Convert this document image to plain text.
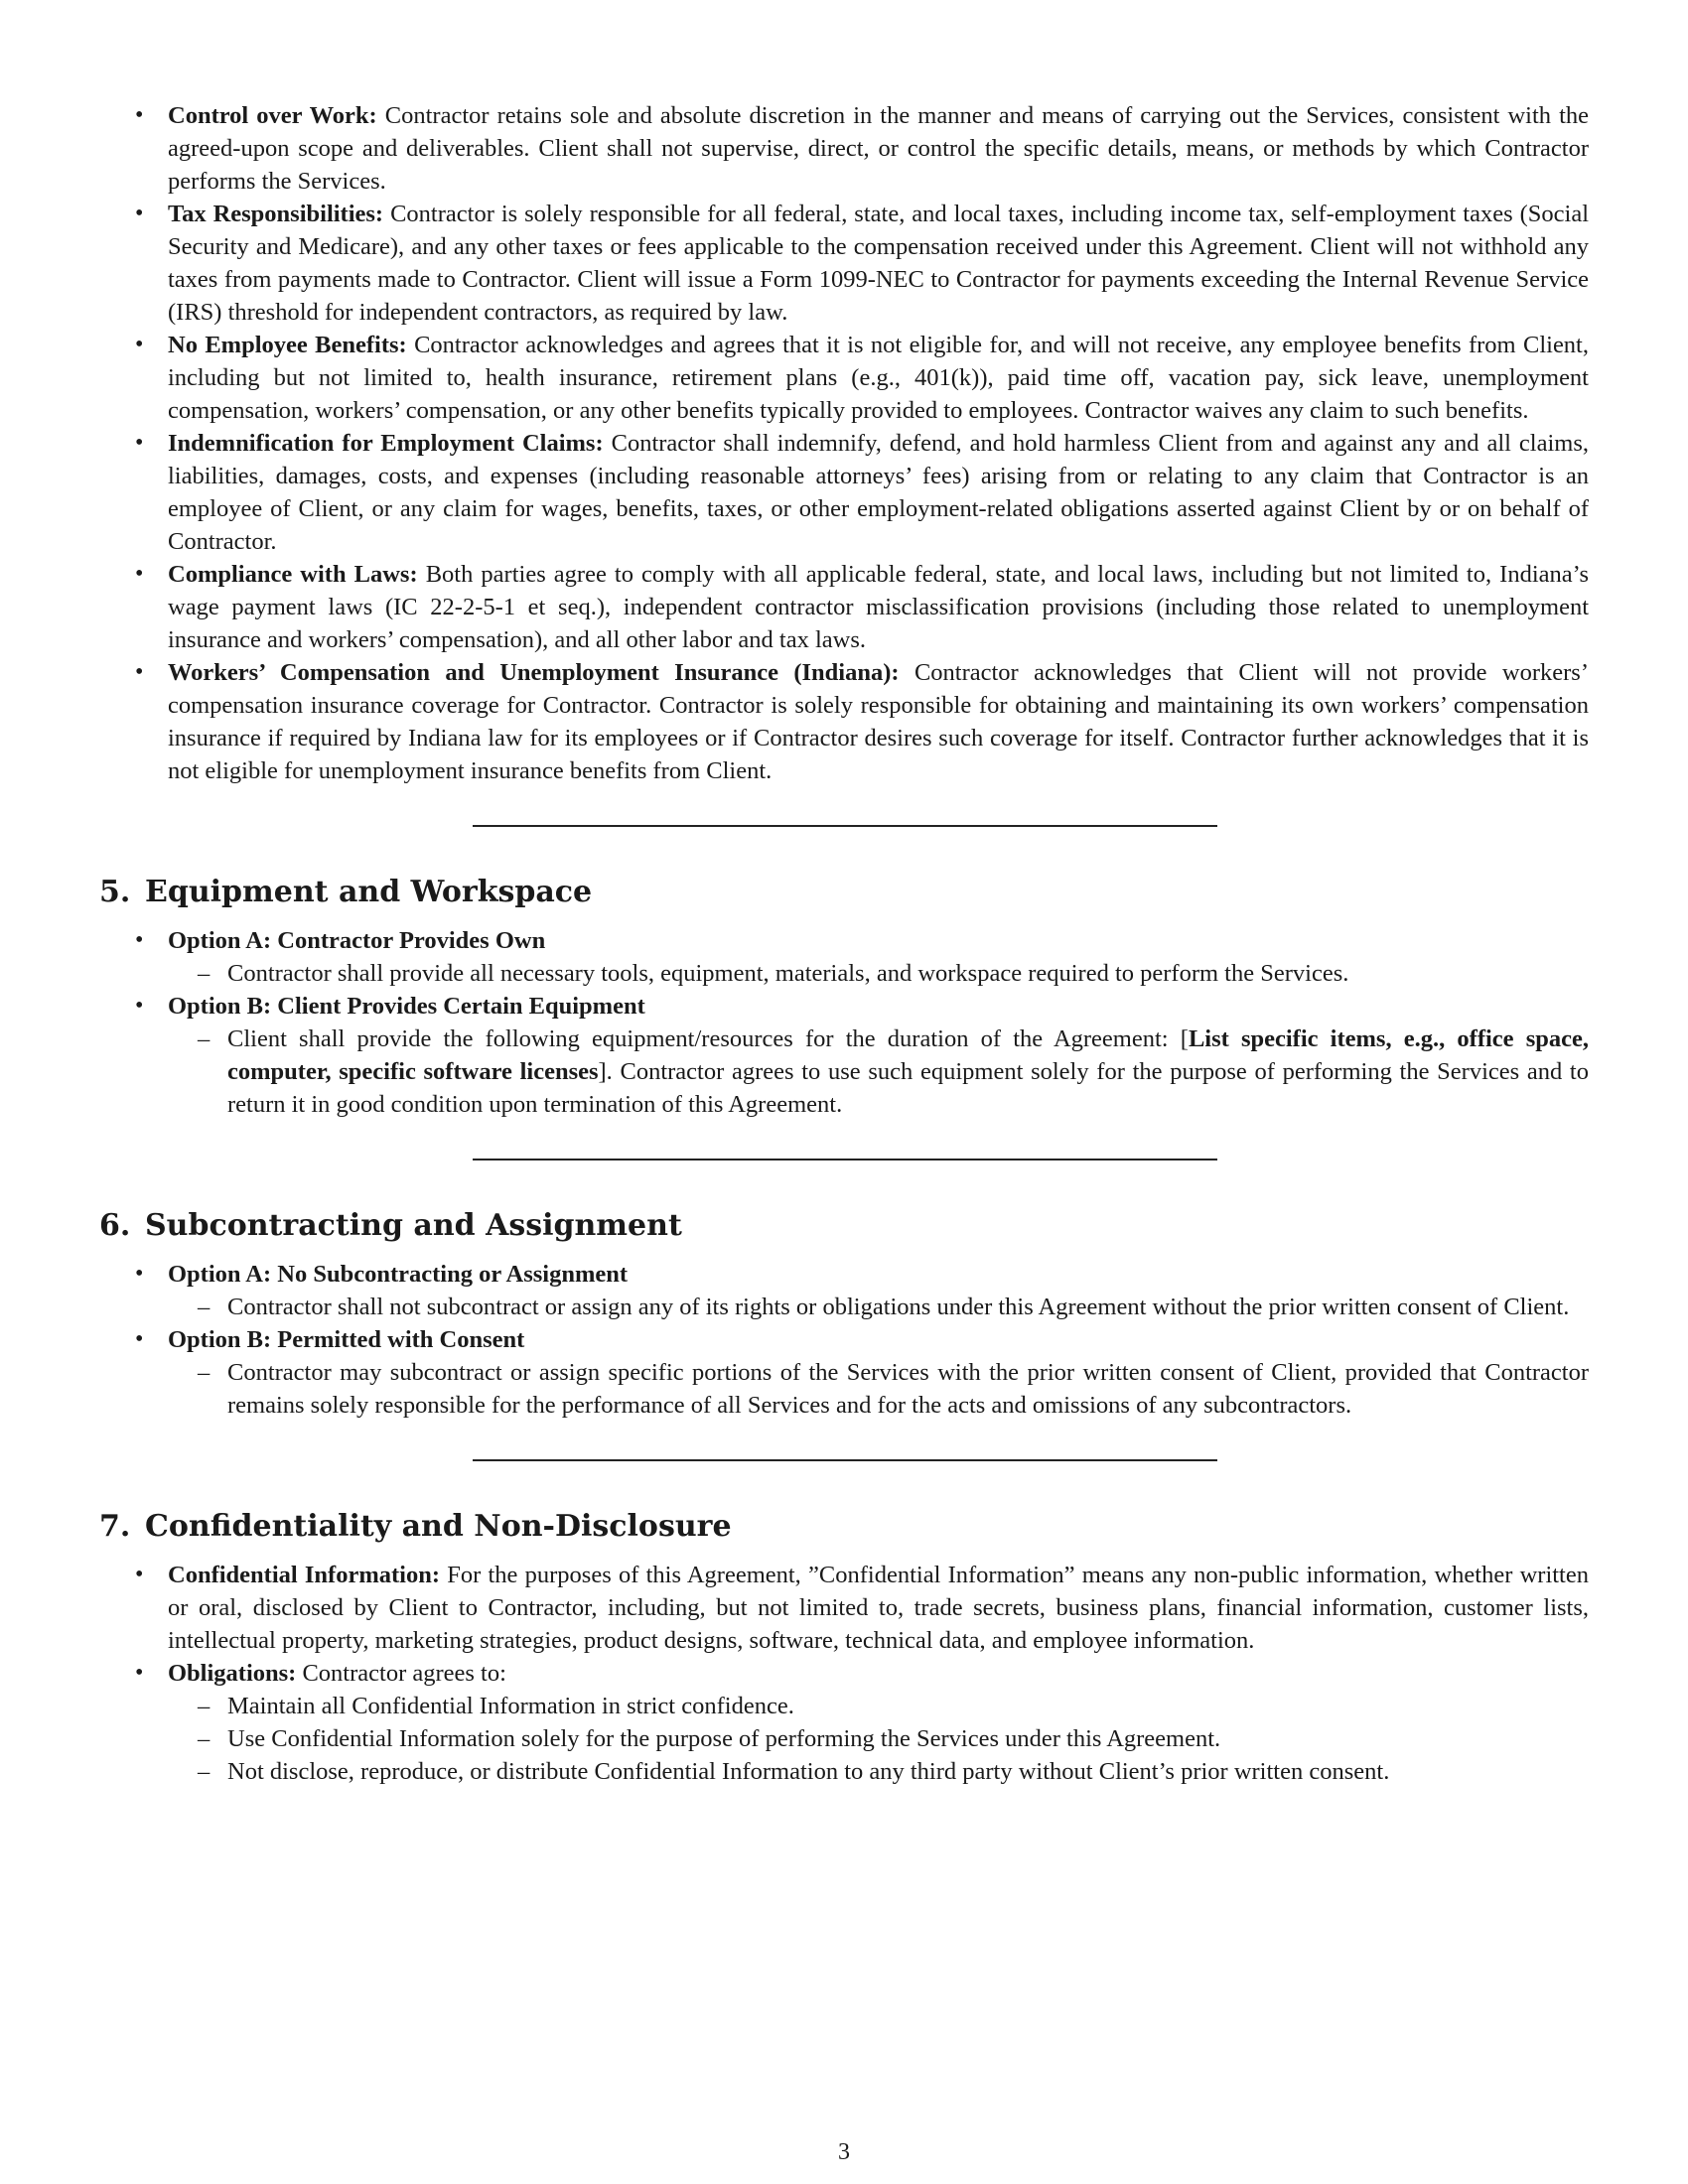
• Control over Work: Contractor retains sole and absolute discretion in the manner and means of carrying out the Services, consistent with the agreed-upon scope and deliverables. Client shall not supervise, direct, or control the specific details, means, or methods by which Contractor performs the Services.
• Tax Responsibilities: Contractor is solely responsible for all federal, state, and local taxes, including income tax, self-employment taxes (Social Security and Medicare), and any other taxes or fees applicable to the compensation received under this Agreement. Client will not withhold any taxes from payments made to Contractor. Client will issue a Form 1099-NEC to Contractor for payments exceeding the Internal Revenue Service (IRS) threshold for independent contractors, as required by law.
• No Employee Benefits: Contractor acknowledges and agrees that it is not eligible for, and will not receive, any employee benefits from Client, including but not limited to, health insurance, retirement plans (e.g., 401(k)), paid time off, vacation pay, sick leave, unemployment compensation, workers’ compensation, or any other benefits typically provided to employees. Contractor waives any claim to such benefits.
• Indemnification for Employment Claims: Contractor shall indemnify, defend, and hold harmless Client from and against any and all claims, liabilities, damages, costs, and expenses (including reasonable attorneys’ fees) arising from or relating to any claim that Contractor is an employee of Client, or any claim for wages, benefits, taxes, or other employment-related obligations asserted against Client by or on behalf of Contractor.
• Compliance with Laws: Both parties agree to comply with all applicable federal, state, and local laws, including but not limited to, Indiana’s wage payment laws (IC 22-2-5-1 et seq.), independent contractor misclassification provisions (including those related to unemployment insurance and workers’ compensation), and all other labor and tax laws.
• Workers’ Compensation and Unemployment Insurance (Indiana): Contractor acknowledges that Client will not provide workers’ compensation insurance coverage for Contractor. Contractor is solely responsible for obtaining and maintaining its own workers’ compensation insurance if required by Indiana law for its employees or if Contractor desires such coverage for itself. Contractor further acknowledges that it is not eligible for unemployment insurance benefits from Client.
5. Equipment and Workspace
• Option A: Contractor Provides Own
– Contractor shall provide all necessary tools, equipment, materials, and workspace required to perform the Services.
• Option B: Client Provides Certain Equipment
– Client shall provide the following equipment/resources for the duration of the Agreement: [List specific items, e.g., office space, computer, specific software licenses]. Contractor agrees to use such equipment solely for the purpose of performing the Services and to return it in good condition upon termination of this Agreement.
6. Subcontracting and Assignment
• Option A: No Subcontracting or Assignment
– Contractor shall not subcontract or assign any of its rights or obligations under this Agreement without the prior written consent of Client.
• Option B: Permitted with Consent
– Contractor may subcontract or assign specific portions of the Services with the prior written consent of Client, provided that Contractor remains solely responsible for the performance of all Services and for the acts and omissions of any subcontractors.
7. Confidentiality and Non-Disclosure
• Confidential Information: For the purposes of this Agreement, ”Confidential Information” means any non-public information, whether written or oral, disclosed by Client to Contractor, including, but not limited to, trade secrets, business plans, financial information, customer lists, intellectual property, marketing strategies, product designs, software, technical data, and employee information.
• Obligations: Contractor agrees to:
– Maintain all Confidential Information in strict confidence.
– Use Confidential Information solely for the purpose of performing the Services under this Agreement.
– Not disclose, reproduce, or distribute Confidential Information to any third party without Client’s prior written consent.
3
